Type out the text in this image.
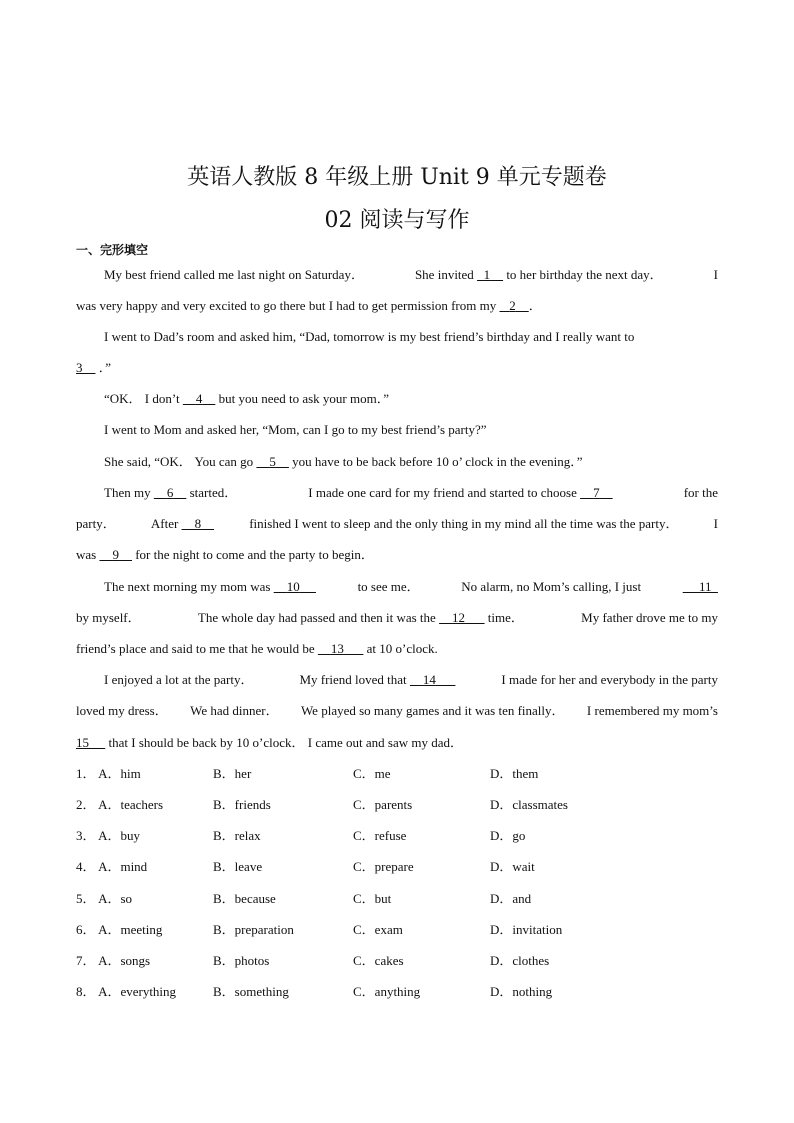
英语人教版 8 年级上册 Unit 9 单元专题卷
02 阅读与写作
一、完形填空
My best friend called me last night on Saturday．	She invited 1 to her birthday the next day．	I
was very happy and very excited to go there but I had to get permission from my 2 ．
I went to Dad’s room and asked him, “Dad, tomorrow is my best friend’s birthday and I really want to
3 ．”
“OK． I don’t 4 but you need to ask your mom．”
I went to Mom and asked her, “Mom, can I go to my best friend’s party?”
She said, “OK． You can go 5 you have to be back before 10 o’ clock in the evening．”
Then my 6 started．	I made one card for my friend and started to choose 7	for the
party．	After 8	finished I went to sleep and the only thing in my mind all the time was the party．	I
was 9 for the night to come and the party to begin．
The next morning my mom was 10	to see me．	No alarm, no Mom’s calling, I just	11
by myself．	The whole day had passed and then it was the 12 time．	My father drove me to my
friend’s place and said to me that he would be 13 at 10 o’clock.
I enjoyed a lot at the party．	My friend loved that 14	I made for her and everybody in the party
loved my dress． We had dinner． We played so many games and it was ten finally． I remembered my mom’s
15 that I should be back by 10 o’clock． I came out and saw my dad．
1． A．him	B．her	C．me	D．them
2． A．teachers	B．friends	C．parents	D．classmates
3． A．buy	B．relax	C．refuse	D．go
4． A．mind	B．leave	C．prepare	D．wait
5． A．so	B．because	C．but	D．and
6． A．meeting	B．preparation	C．exam	D．invitation
7． A．songs	B．photos	C．cakes	D．clothes
8． A．everything	B．something	C．anything	D．nothing
